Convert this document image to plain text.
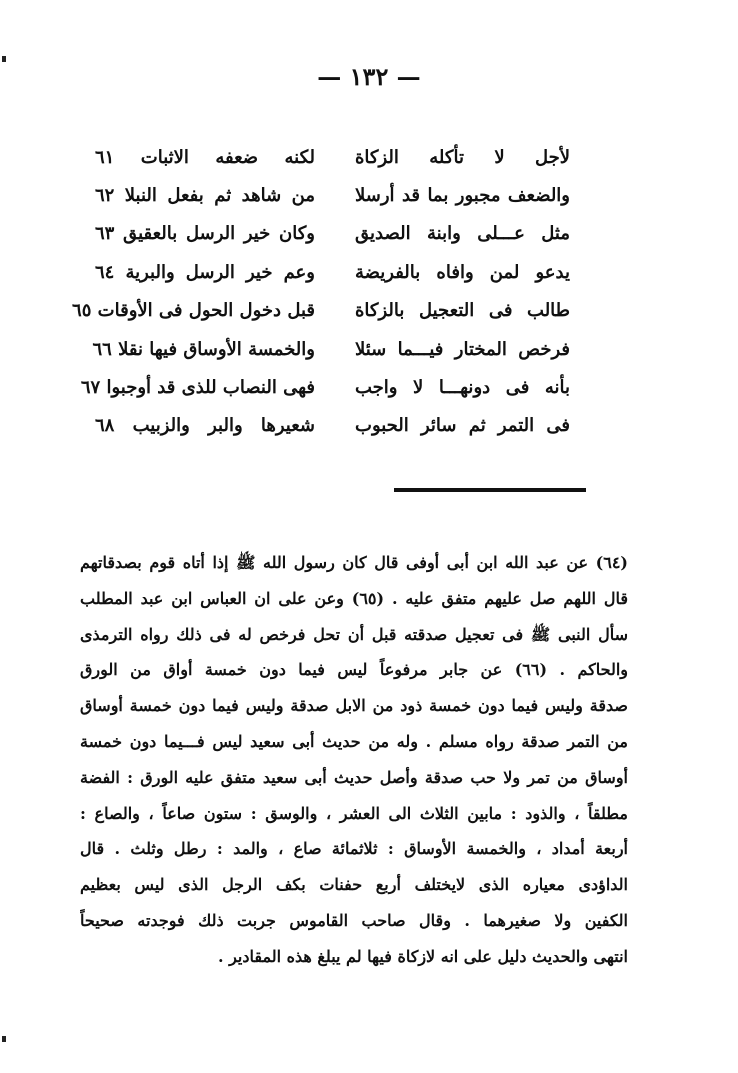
— ١٣٢ —
لأجل لا تأكله الزكاة
لكنه ضعفه الاثبات ٦١
والضعف مجبور بما قد أرسلا
من شاهد ثم بفعل النبلا ٦٢
مثل عـــلى وابنة الصديق
وكان خير الرسل بالعقيق ٦٣
يدعو لمن وافاه بالفريضة
وعم خير الرسل والبرية ٦٤
طالب فى التعجيل بالزكاة
قبل دخول الحول فى الأوقات ٦٥
فرخص المختار فيـــما سئلا
والخمسة الأوساق فيها نقلا ٦٦
بأنه فى دونهـــا لا واجب
فهى النصاب للذى قد أوجبوا ٦٧
فى التمر ثم سائر الحبوب
شعيرها والبر والزبيب ٦٨
(٦٤) عن عبد الله ابن أبى أوفى قال كان رسول الله ﷺ إذا أتاه قوم بصدقاتهم
قال اللهم صل عليهم متفق عليه . (٦٥) وعن على ان العباس ابن عبد المطلب
سأل النبى ﷺ فى تعجيل صدقته قبل أن تحل فرخص له فى ذلك رواه الترمذى
والحاكم . (٦٦) عن جابر مرفوعاً ليس فيما دون خمسة أواق من الورق
صدقة وليس فيما دون خمسة ذود من الابل صدقة وليس فيما دون خمسة أوساق
من التمر صدقة رواه مسلم . وله من حديث أبى سعيد ليس فـــيما دون خمسة
أوساق من تمر ولا حب صدقة وأصل حديث أبى سعيد متفق عليه الورق : الفضة
مطلقاً ، والذود : مابين الثلاث الى العشر ، والوسق : ستون صاعاً ، والصاع :
أربعة أمداد ، والخمسة الأوساق : ثلاثمائة صاع ، والمد : رطل وثلث . قال
الداؤدى معياره الذى لايختلف أربع حفنات بكف الرجل الذى ليس بعظيم
الكفين ولا صغيرهما . وقال صاحب القاموس جربت ذلك فوجدته صحيحاً
انتهى والحديث دليل على انه لازكاة فيها لم يبلغ هذه المقادير .
